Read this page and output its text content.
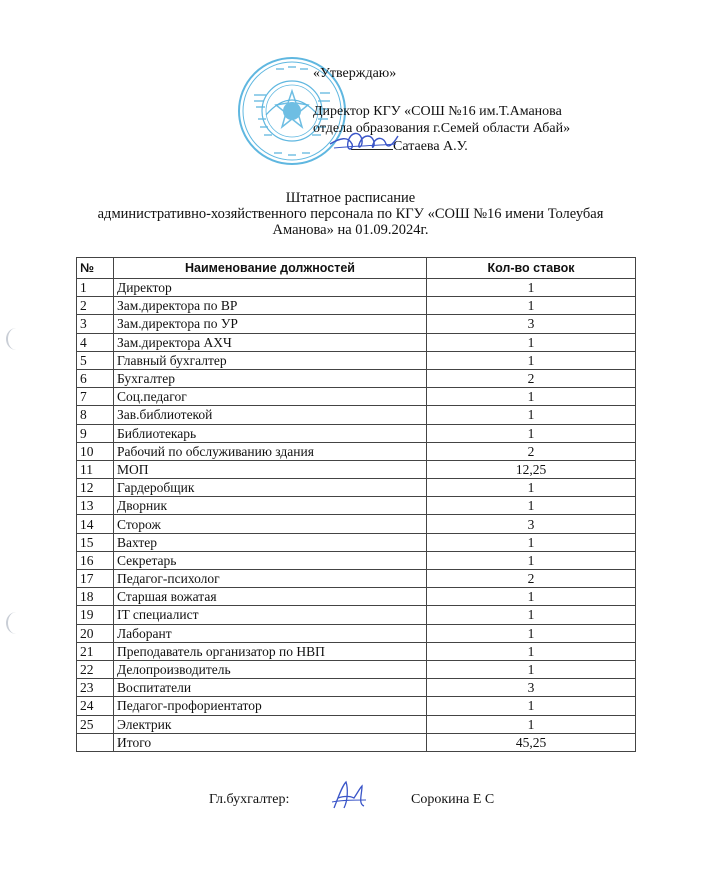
«Утверждаю»
Директор КГУ «СОШ №16 им.Т.Аманова
отдела образования г.Семей области Абай»
Сатаева А.У.
Штатное расписание
административно-хозяйственного персонала по КГУ «СОШ №16 имени Толеубая
Аманова» на 01.09.2024г.
№	Наименование должностей	Кол-во ставок
1	Директор	1
2	Зам.директора по ВР	1
3	Зам.директора по УР	3
4	Зам.директора АХЧ	1
5	Главный бухгалтер	1
6	Бухгалтер	2
7	Соц.педагог	1
8	Зав.библиотекой	1
9	Библиотекарь	1
10	Рабочий по обслуживанию здания	2
11	МОП	12,25
12	Гардеробщик	1
13	Дворник	1
14	Сторож	3
15	Вахтер	1
16	Секретарь	1
17	Педагог-психолог	2
18	Старшая вожатая	1
19	IT специалист	1
20	Лаборант	1
21	Преподаватель организатор по НВП	1
22	Делопроизводитель	1
23	Воспитатели	3
24	Педагог-профориентатор	1
25	Электрик	1
	Итого	45,25
Гл.бухгалтер:	Сорокина Е С
